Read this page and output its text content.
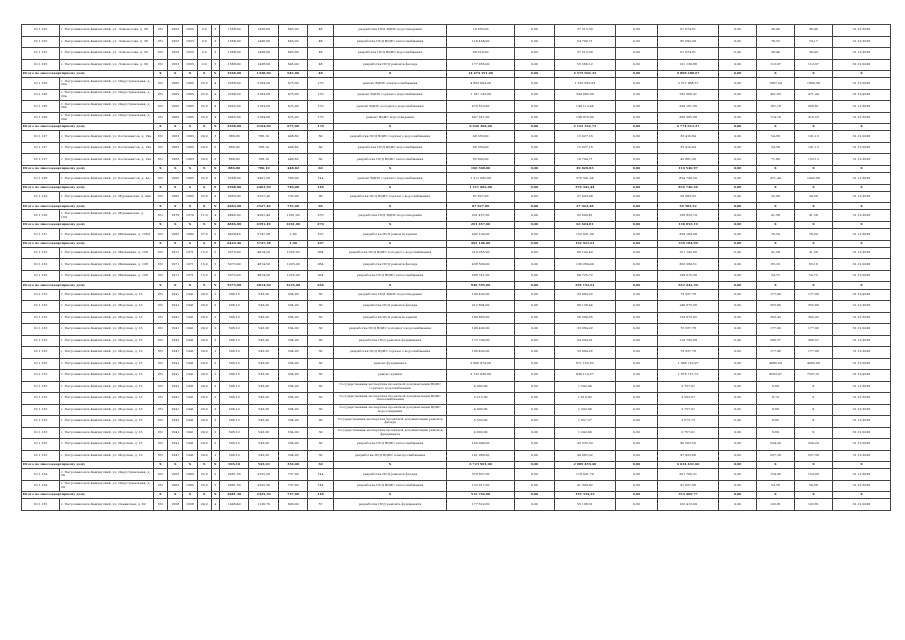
10.1.125	г. Петропавловск-Камчатский, ул. Ломоносова, д. 36	РО	1953	1953	2,0	3	1568,00	1438,00	645,00	48	разработка ПСД ВДИС водоотведения	18 650,00	0,00	27 513,39	0,00	61 074,61	0,00	38,40	38,40	31.12.2026
10.1.125	г. Петропавловск-Камчатский, ул. Ломоносова, д. 36	РО	1953	1953	2,0	3	1568,00	1438,00	645,00	48	разработка ПСД ВДИС теплоснабжения	118 458,00	0,00	54 790,71	0,00	85 092,29	0,00	78,53	74,17	31.12.2026
10.1.125	г. Петропавловск-Камчатский, ул. Ломоносова, д. 36	РО	1953	1953	2,0	3	1568,00	1438,00	645,00	48	разработка ПСД ВДИС водоснабжения	48 610,00	0,00	27 513,39	0,00	61 074,61	0,00	38,40	38,40	31.12.2026
10.1.125	г. Петропавловск-Камчатский, ул. Ломоносова, д. 36	РО	1953	1953	2,0	3	1568,00	1438,00	645,00	48	разработка ПСД ремонта фасада	177 265,00	0,00	55 566,12	0,00	121 130,88	0,00	112,97	112,97	31.12.2026
Итого по многоквартирному дому		Х	Х	Х	Х	Х	1568,00	1438,00	645,00	48	Х	14 474 191,00	0,00	4 575 902,33	0,00	9 898 288,67	0,00	Х	Х	Х
10.1.126	г. Петропавловск-Камчатский, ул. Индустриальная, д. 20а	РО	1965	1965	25,0	4	2568,00	2164,00	675,00	170	ремонт ВДИС электроснабжения	4 862 664,00	0,00	1 523 695,63	0,00	3 371 968,37	0,00	1687,24	1689,39	31.12.2026
10.1.126	г. Петропавловск-Камчатский, ул. Индустриальная, д. 20а	РО	1965	1965	25,0	4	2568,00	2164,00	675,00	170	ремонт ВДИС горячего водоснабжения	1 107 143,00	0,00	344 082,30	0,00	763 060,41	0,00	451,63	471,44	31.12.2026
10.1.126	г. Петропавловск-Камчатский, ул. Индустриальная, д. 20а	РО	1965	1965	25,0	4	2645,00	2164,00	675,00	170	ремонт ВДИС холодного водоснабжения	470 610,00	0,00	149 113,44	0,00	340 181,56	0,00	187,18	266,81	31.12.2026
10.1.126	г. Петропавловск-Камчатский, ул. Индустриальная, д. 20а	РО	1965	1965	25,0	4	2645,00	2164,00	675,00	170	ремонт ВДИС водоотведения	447 247,00	0,00	148 970,92	0,00	308 265,08	0,00	174,16	316,53	31.12.2026
Итого по многоквартирному дому		Х	Х	Х	Х	Х	2568,00	2164,00	675,00	170	Х	6 926 306,00	0,00	2 152 332,73	0,00	4 774 012,27	0,00	Х	Х	Х
10.1.127	г. Петропавловск-Камчатский, ул. Космонавтов, д. 19а	РО	1963	1963	20,0	3	886,00	786,10	448,82	60	разработка ПСД ВДИС горячего водоснабжения	48 350,00	0,00	15 027,16	0,00	33 410,84	0,00	54,58	101,13	31.12.2026
10.1.127	г. Петропавловск-Камчатский, ул. Космонавтов, д. 19а	РО	1963	1963	20,0	3	886,00	786,10	448,82	60	разработка ПСД ВДИС водоснабжения	48 350,00	0,00	15 027,16	0,00	33 410,84	0,00	54,58	101,13	31.12.2026
10.1.127	г. Петропавловск-Камчатский, ул. Космонавтов, д. 19а	РО	1963	1963	20,0	3	886,00	786,10	448,82	60	разработка ПСД ВДИС теплоснабжения	63 600,00	0,00	19 794,71	0,00	43 881,29	0,00	71,80	133,13	31.12.2026
Итого по многоквартирному дому		Х	Х	Х	Х	Х	886,00	786,10	448,82	60	Х	160 300,00	0,00	49 820,83	0,00	110 540,97	0,00	Х	Х	Х
10.1.128	г. Петропавловск-Камчатский, ул. Космонавтов, д. 4А	РО	1965	1965	25,0	4	2568,00	2401,50	746,00	144	ремонт ВДИС горячего водоснабжения	1 211 082,00	0,00	376 341,44	0,00	834 740,56	0,00	471,44	1042,08	31.12.2026
Итого по многоквартирному дому		Х	Х	Х	Х	Х	2568,00	2401,50	746,00	144	Х	1 211 082,00	0,00	376 341,44	0,00	834 740,56	0,00	Х	Х	Х
10.1.129	г. Петропавловск-Камчатский, ул. Мурманская, д. 44а	РО	1965	1965	25,0	4	2663,00	2527,40	735,00	96	разработка ПСД ВДИС горячего водоснабжения	87 627,00	0,00	27 043,48	0,00	59 583,52	0,00	32,90	34,58	31.12.2026
Итого по многоквартирному дому		Х	Х	Х	Х	Х	2663,00	2527,40	735,00	96	Х	87 627,00	0,00	27 043,48	0,00	59 583,52	0,00	Х	Х	Х
10.1.130	г. Петропавловск-Камчатский, ул. Мурманская, д. 10/1	РО	1979	1979	11,0	4	4846,00	4391,49	1261,00	270	разработка ПСД ВДИС водоотведения	201 457,00	0,00	62 604,81	0,00	138 852,19	0,00	41,58	41,58	31.12.2026
Итого по многоквартирному дому		Х	Х	Х	Х	Х	4846,00	4391,49	1261,00	270	Х	201 457,00	0,00	62 604,81	0,00	138 852,19	0,00	Х	Х	Х
10.1.131	г. Петропавловск-Камчатский, ул. Мишенная, д. 126/1	РО	1982	1982	27,0	5	6429,46	5747,38	1,00	107	разработка ПСД ремонта крыши	492 100,00	0,00	152 921,09	0,00	339 184,99	0,00	76,54	76,54	31.12.2026
Итого по многоквартирному дому		Х	Х	Х	Х	Х	6429,46	5747,38	1,00	107	Х	492 106,00	0,00	152 921,01	0,00	339 184,99	0,00	Х	Х	Х
10.1.132	г. Петропавловск-Камчатский, ул. Мишенная, д. 128	РО	1971	1971	15,0	5	5273,00	4814,50	1225,00	264	разработка ПСД ВДИС холодного водоснабжения	219 285,00	0,00	68 142,40	0,00	151 142,60	0,00	41,58	41,58	31.12.2026
10.1.132	г. Петропавловск-Камчатский, ул. Мишенная, д. 128	РО	1971	1971	15,0	5	5273,00	4814,50	1225,00	264	разработка ПСД ремонта фасада	438 569,00	0,00	136 284,49	0,00	302 284,51	0,00	83,16	83,16	31.12.2026
10.1.132	г. Петропавловск-Камчатский, ул. Мишенная, д. 128	РО	1971	1971	15,0	5	5273,00	4814,50	1225,00	264	разработка ПСД ВДИС теплоснабжения	288 741,00	0,00	89 725,72	0,00	199 015,28	0,00	54,75	54,75	31.12.2026
Итого по многоквартирному дому		Х	Х	Х	Х	Х	5273,00	4814,50	1225,00	264	Х	946 595,00	0,00	294 152,61	0,00	652 442,39	0,00	Х	Х	Х
10.1.133	г. Петропавловск-Камчатский, ул. Морская, д. 13	РО	1941	1941	20,0	2	596,10	543,20	334,00	30	разработка ПСД ВДИС водоотведения	106 402,00	0,00	33 064,22	0,00	73 337,78	0,00	177,90	177,90	31.12.2026
10.1.133	г. Петропавловск-Камчатский, ул. Морская, д. 13	РО	1941	1941	20,0	2	596,10	543,20	334,00	30	разработка ПСД ремонта фасада	212 804,00	0,00	66 128,44	0,00	146 675,56	0,00	355,80	355,80	31.12.2026
10.1.133	г. Петропавловск-Камчатский, ул. Морская, д. 13	РО	1941	1941	20,0	2	596,10	543,20	334,00	30	разработка ПСД ремонта крыши	180 883,00	0,00	56 209,05	0,00	124 673,95	0,00	302,43	302,43	31.12.2026
10.1.133	г. Петропавловск-Камчатский, ул. Морская, д. 13	РО	1941	1941	20,0	2	596,10	543,20	334,00	30	разработка ПСД ВДИС холодного водоснабжения	106 402,00	0,00	33 064,22	0,00	73 337,78	0,00	177,90	177,90	31.12.2026
10.1.133	г. Петропавловск-Камчатский, ул. Морская, д. 13	РО	1941	1941	20,0	2	596,10	543,20	334,00	30	разработка ПСД ремонта фундамента	173 700,00	0,00	54 004,91	0,00	119 795,09	0,00	290,57	290,57	31.12.2026
10.1.133	г. Петропавловск-Камчатский, ул. Морская, д. 13	РО	1941	1941	20,0	2	596,10	543,20	334,00	30	разработка ПСД ВДИС горячего водоснабжения	106 402,00	0,00	33 064,22	0,00	73 337,78	0,00	177,90	177,90	31.12.2026
10.1.133	г. Петропавловск-Камчатский, ул. Морская, д. 13	РО	1941	1941	20,0	2	596,10	543,20	334,00	30	ремонт фундамента	2 900 874,00	0,00	871 163,03	0,00	1 968 710,97	0,00	4680,00	4680,00	31.12.2026
10.1.133	г. Петропавловск-Камчатский, ул. Морская, д. 13	РО	1941	1941	20,0	2	596,10	543,20	334,00	30	ремонт крыши	2 722 836,00	0,00	846 114,27	0,00	1 876 715,73	0,00	4562,47	7537,51	31.12.2026
10.1.133	г. Петропавловск-Камчатский, ул. Морская, д. 13	РО	1941	1941	20,0	2	596,10	543,20	334,00	30	Государственная экспертиза проектной документации ВДИС горячего водоснабжения	4 000,00	0,00	1 242,99	0,00	2 757,01	0,00	6,69	Х	31.12.2026
10.1.133	г. Петропавловск-Камчатский, ул. Морская, д. 13	РО	1941	1941	20,0	2	596,10	543,20	334,00	30	Государственная экспертиза проектной документации ВДИС теплоснабжения	5 213,00	0,00	1 619,93	0,00	3 593,07	0,00	8,72	Х	31.12.2026
10.1.133	г. Петропавловск-Камчатский, ул. Морская, д. 13	РО	1941	1941	20,0	2	596,10	543,20	334,00	30	Государственная экспертиза проектной документации ВДИС водоотведения	4 000,00	0,00	1 242,99	0,00	2 757,01	0,00	6,69	Х	31.12.2026
10.1.133	г. Петропавловск-Камчатский, ул. Морская, д. 13	РО	1941	1941	20,0	2	596,10	543,20	334,00	30	Государственная экспертиза проектной документации ремонта фасада	5 333,00	0,00	1 657,27	0,00	3 675,73	0,00	8,92	Х	31.12.2026
10.1.133	г. Петропавловск-Камчатский, ул. Морская, д. 13	РО	1941	1941	20,0	2	596,10	543,20	334,00	30	Государственная экспертиза проектной документации ремонта фундамента	4 000,00	0,00	1 242,99	0,00	2 757,01	0,00	6,69	Х	31.12.2026
10.1.133	г. Петропавловск-Камчатский, ул. Морская, д. 13	РО	1941	1941	20,0	2	596,10	543,20	334,00	30	разработка ПСД ВДИС теплоснабжения	140 099,00	0,00	43 535,50	0,00	96 563,50	0,00	234,24	234,24	31.12.2026
10.1.133	г. Петропавловск-Камчатский, ул. Морская, д. 13	РО	1941	1941	20,0	2	596,10	543,20	334,00	30	разработка ПСД ВДИС электроснабжения	141 989,00	0,00	44 065,32	0,00	97 923,68	0,00	237,39	237,39	31.12.2026
Итого по многоквартирному дому		Х	Х	Х	Х	Х	596,10	543,20	334,00	30	Х	6 723 901,00	0,00	2 089 459,40	0,00	4 634 441,60	0,00	Х	Х	Х
10.1.134	г. Петропавловск-Камчатский, ул. Индустриальная, д. 29	РО	1963	1963	25,0	5	2681,30	2325,30	737,00	144	разработка ПСД ремонта фасада	379 857,00	0,00	118 041,79	0,00	261 760,21	0,00	154,00	154,00	31.12.2026
10.1.134	г. Петропавловск-Камчатский, ул. Индустриальная, д. 29	РО	1963	1963	25,0	5	2681,30	2325,30	737,00	144	разработка ПСД ВДИС теплоснабжения	132 917,00	0,00	41 309,92	0,00	91 627,08	0,00	54,58	54,58	31.12.2026
Итого по многоквартирному дому		Х	Х	Х	Х	Х	2681,30	2325,30	737,00	144	Х	512 764,00	0,00	159 334,23	0,00	353 409,77	0,00	Х	Х	Х
10.1.135	г. Петропавловск-Камчатский, ул. Океанская, д. 62	РО	1958	1958	24,0	4	1446,40	1126,70	600,00	57	разработка ПСД ремонта фундамента	177 612,00	0,00	55 108,31	0,00	122 413,09	0,00	122,81	122,81	31.12.2026
